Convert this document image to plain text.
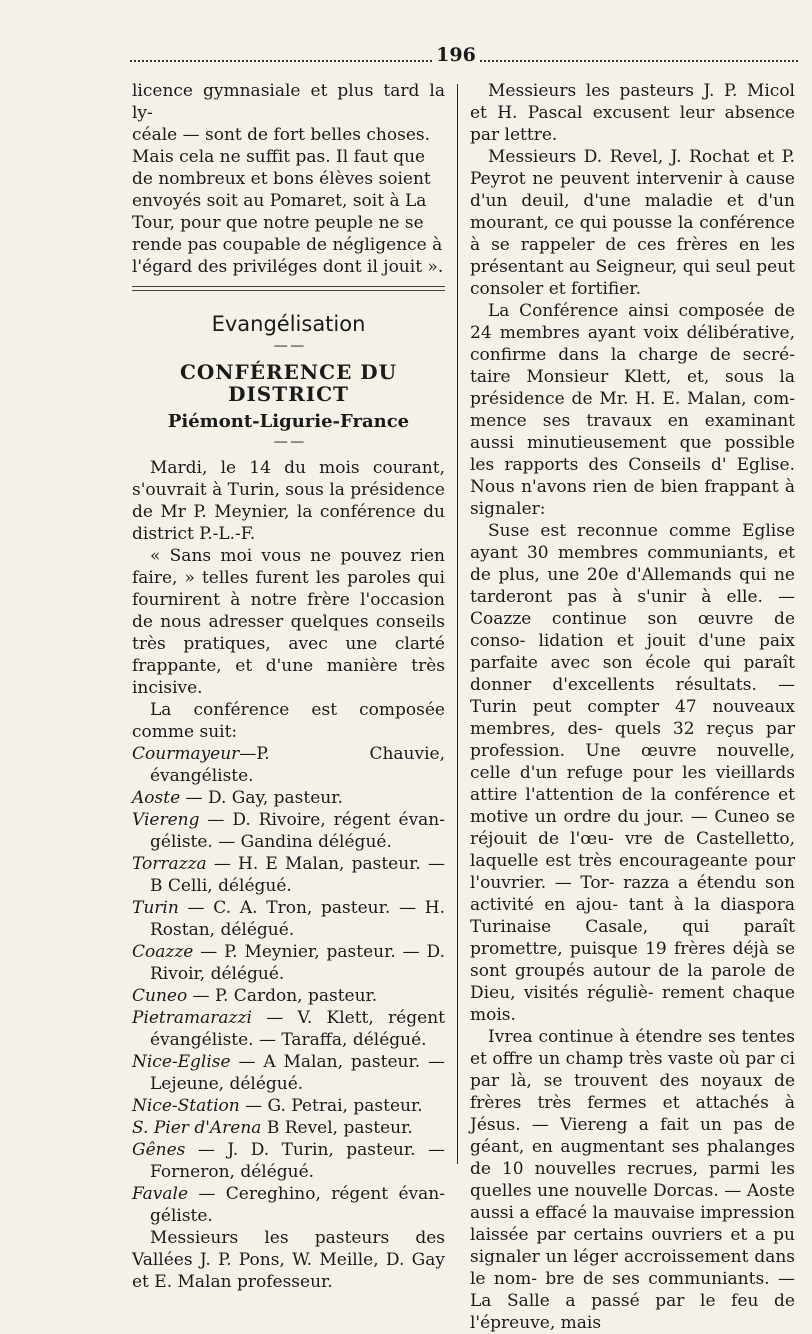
196
licence gymnasiale et plus tard la ly-
céale — sont de fort belles choses.
Mais cela ne suffit pas. Il faut que
de nombreux et bons élèves soient
envoyés soit au Pomaret, soit à La
Tour, pour que notre peuple ne se
rende pas coupable de négligence à
l'égard des priviléges dont il jouit ».
Evangélisation
— —
CONFÉRENCE DU DISTRICT
Piémont-Ligurie-France
— —
Mardi, le 14 du mois courant, s'ouvrait à Turin, sous la présidence de Mr P. Meynier, la conférence du district P.-L.-F.
« Sans moi vous ne pouvez rien faire, » telles furent les paroles qui fournirent à notre frère l'occasion de nous adresser quelques conseils très pratiques, avec une clarté frappante, et d'une manière très incisive.
La conférence est composée comme suit:
Courmayeur—P. Chauvie, évangéliste.
Aoste — D. Gay, pasteur.
Viereng — D. Rivoire, régent évan-géliste. — Gandina délégué.
Torrazza — H. E Malan, pasteur. — B Celli, délégué.
Turin — C. A. Tron, pasteur. — H. Rostan, délégué.
Coazze — P. Meynier, pasteur. — D. Rivoir, délégué.
Cuneo — P. Cardon, pasteur.
Pietramarazzi — V. Klett, régent évangéliste. — Taraffa, délégué.
Nice-Eglise — A Malan, pasteur. — Lejeune, délégué.
Nice-Station — G. Petrai, pasteur.
S. Pier d'Arena B Revel, pasteur.
Gênes — J. D. Turin, pasteur. — Forneron, délégué.
Favale — Cereghino, régent évan-géliste.
Messieurs les pasteurs des Vallées J. P. Pons, W. Meille, D. Gay et E. Malan professeur.
Messieurs les pasteurs J. P. Micol et H. Pascal excusent leur absence par lettre.
Messieurs D. Revel, J. Rochat et P. Peyrot ne peuvent intervenir à cause d'un deuil, d'une maladie et d'un mourant, ce qui pousse la conférence à se rappeler de ces frères en les présentant au Seigneur, qui seul peut consoler et fortifier.
La Conférence ainsi composée de 24 membres ayant voix délibérative, confirme dans la charge de secré- taire Monsieur Klett, et, sous la présidence de Mr. H. E. Malan, com- mence ses travaux en examinant aussi minutieusement que possible les rapports des Conseils d' Eglise. Nous n'avons rien de bien frappant à signaler:
Suse est reconnue comme Eglise ayant 30 membres communiants, et de plus, une 20e d'Allemands qui ne tarderont pas à s'unir à elle. — Coazze continue son œuvre de conso- lidation et jouit d'une paix parfaite avec son école qui paraît donner d'excellents résultats. — Turin peut compter 47 nouveaux membres, des- quels 32 reçus par profession. Une œuvre nouvelle, celle d'un refuge pour les vieillards attire l'attention de la conférence et motive un ordre du jour. — Cuneo se réjouit de l'œu- vre de Castelletto, laquelle est très encourageante pour l'ouvrier. — Tor- razza a étendu son activité en ajou- tant à la diaspora Turinaise Casale, qui paraît promettre, puisque 19 frères déjà se sont groupés autour de la parole de Dieu, visités réguliè- rement chaque mois.
Ivrea continue à étendre ses tentes et offre un champ très vaste où par ci par là, se trouvent des noyaux de frères très fermes et attachés à Jésus. — Viereng a fait un pas de géant, en augmentant ses phalanges de 10 nouvelles recrues, parmi les quelles une nouvelle Dorcas. — Aoste aussi a effacé la mauvaise impression laissée par certains ouvriers et a pu signaler un léger accroissement dans le nom- bre de ses communiants. — La Salle a passé par le feu de l'épreuve, mais
